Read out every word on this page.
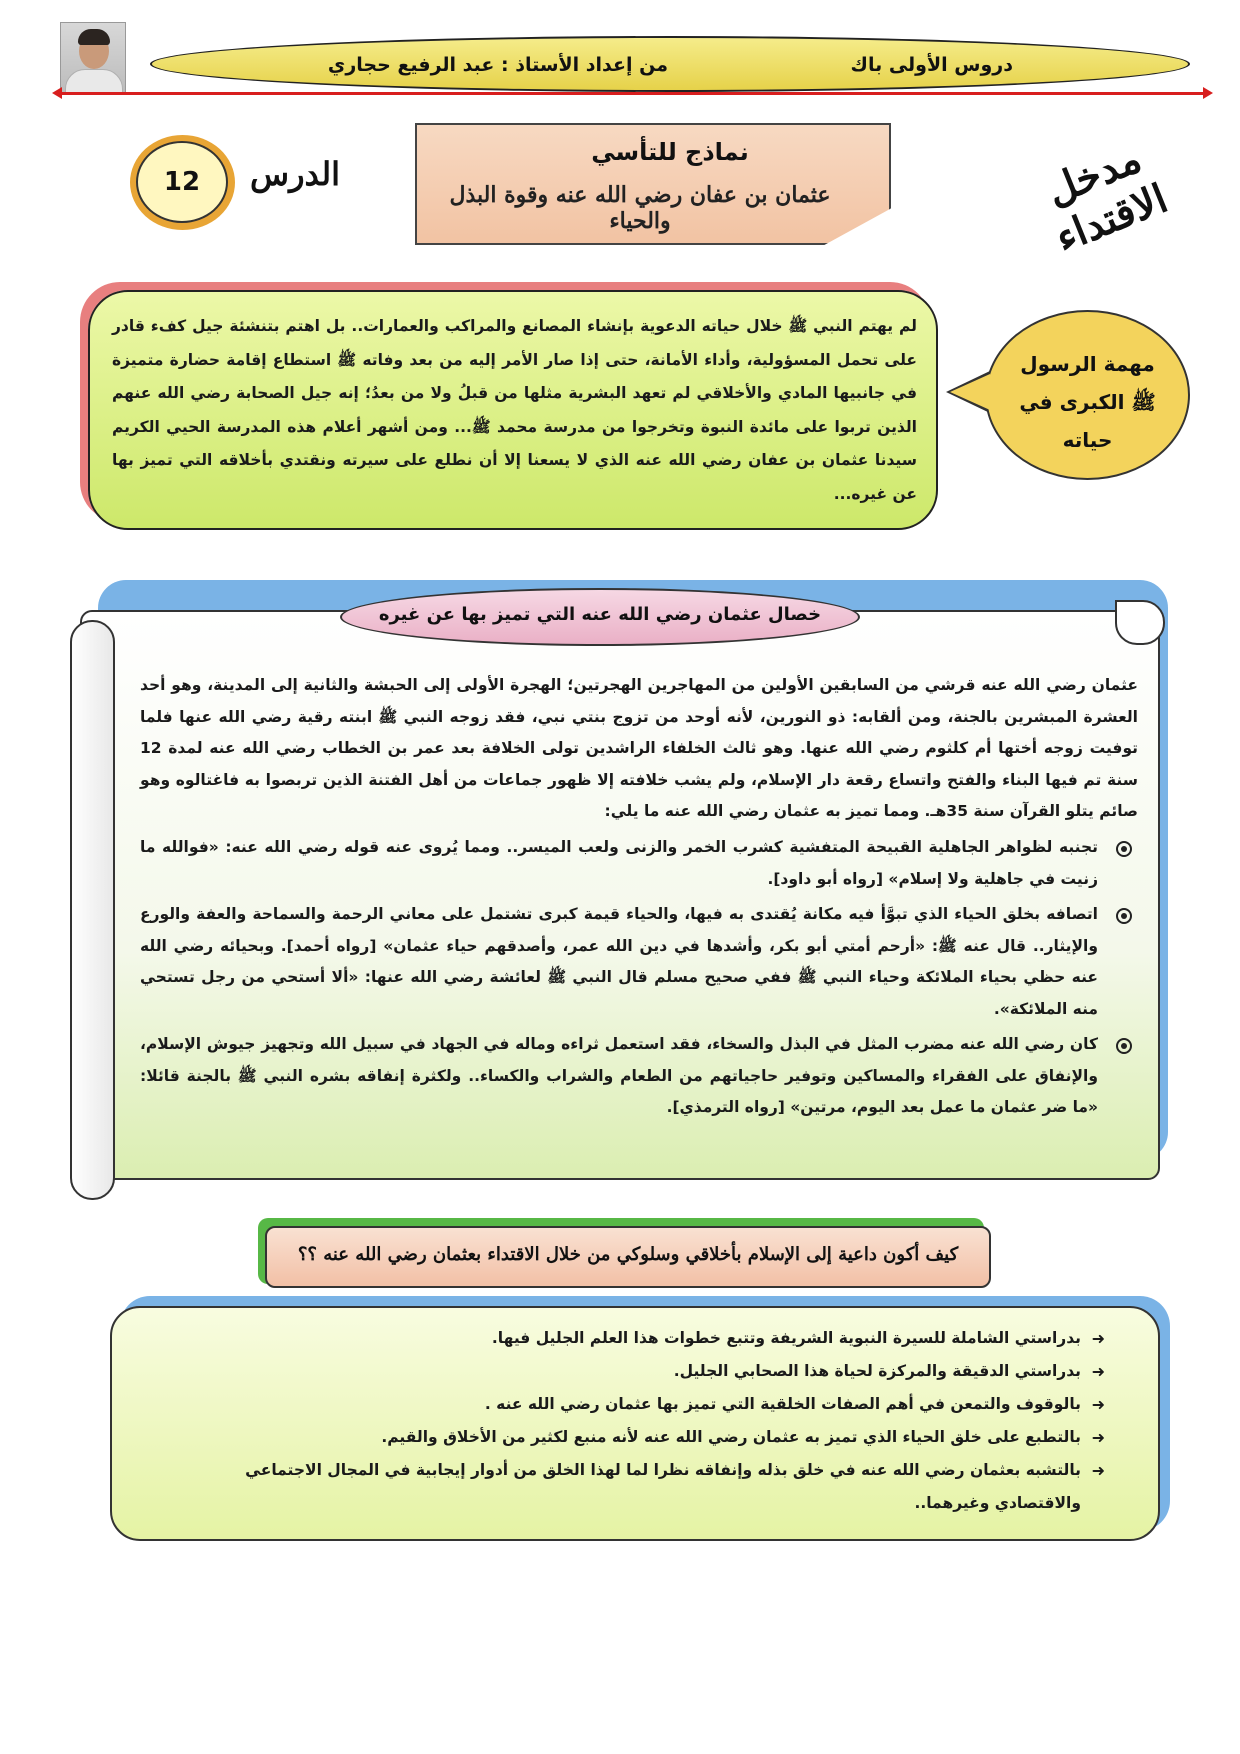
دروس الأولى باك
من إعداد الأستاذ : عبد الرفيع حجاري
12	الدرس
نماذج للتأسي
عثمان بن عفان رضي الله عنه وقوة البذل والحياء
مدخل الاقتداء
لم يهتم النبي ﷺ خلال حياته الدعوية بإنشاء المصانع والمراكب والعمارات.. بل اهتم بتنشئة جيل كفء قادر على تحمل المسؤولية، وأداء الأمانة، حتى إذا صار الأمر إليه من بعد وفاته ﷺ استطاع إقامة حضارة متميزة في جانبيها المادي والأخلاقي لم تعهد البشرية مثلها من قبلُ ولا من بعدُ؛ إنه جيل الصحابة رضي الله عنهم الذين تربوا على مائدة النبوة وتخرجوا من مدرسة محمد ﷺ... ومن أشهر أعلام هذه المدرسة الحيي الكريم سيدنا عثمان بن عفان رضي الله عنه الذي لا يسعنا إلا أن نطلع على سيرته ونقتدي بأخلاقه التي تميز بها عن غيره...
مهمة الرسول ﷺ الكبرى في حياته
خصال عثمان رضي الله عنه التي تميز بها عن غيره
عثمان رضي الله عنه قرشي من السابقين الأولين من المهاجرين الهجرتين؛ الهجرة الأولى إلى الحبشة والثانية إلى المدينة، وهو أحد العشرة المبشرين بالجنة، ومن ألقابه: ذو النورين، لأنه أوحد من تزوج بنتي نبي، فقد زوجه النبي ﷺ ابنته رقية رضي الله عنها فلما توفيت زوجه أختها أم كلثوم رضي الله عنها. وهو ثالث الخلفاء الراشدين تولى الخلافة بعد عمر بن الخطاب رضي الله عنه لمدة 12 سنة تم فيها البناء والفتح واتساع رقعة دار الإسلام، ولم يشب خلافته إلا ظهور جماعات من أهل الفتنة الذين تربصوا به فاغتالوه وهو صائم يتلو القرآن سنة 35هـ. ومما تميز به عثمان رضي الله عنه ما يلي:
تجنبه لظواهر الجاهلية القبيحة المتفشية كشرب الخمر والزنى ولعب الميسر.. ومما يُروى عنه قوله رضي الله عنه: «فوالله ما زنيت في جاهلية ولا إسلام» [رواه أبو داود].
اتصافه بخلق الحياء الذي تبوَّأ فيه مكانة يُقتدى به فيها، والحياء قيمة كبرى تشتمل على معاني الرحمة والسماحة والعفة والورع والإيثار.. قال عنه ﷺ: «أرحم أمتي أبو بكر، وأشدها في دين الله عمر، وأصدقهم حياء عثمان» [رواه أحمد]. وبحيائه رضي الله عنه حظي بحياء الملائكة وحياء النبي ﷺ ففي صحيح مسلم قال النبي ﷺ لعائشة رضي الله عنها: «ألا أستحي من رجل تستحي منه الملائكة».
كان رضي الله عنه مضرب المثل في البذل والسخاء، فقد استعمل ثراءه وماله في الجهاد في سبيل الله وتجهيز جيوش الإسلام، والإنفاق على الفقراء والمساكين وتوفير حاجياتهم من الطعام والشراب والكساء.. ولكثرة إنفاقه بشره النبي ﷺ بالجنة قائلا: «ما ضر عثمان ما عمل بعد اليوم، مرتين» [رواه الترمذي].
كيف أكون داعية إلى الإسلام بأخلاقي وسلوكي من خلال الاقتداء بعثمان رضي الله عنه ؟؟
➜
بدراستي الشاملة للسيرة النبوية الشريفة وتتبع خطوات هذا العلم الجليل فيها.
➜
بدراستي الدقيقة والمركزة لحياة هذا الصحابي الجليل.
➜
بالوقوف والتمعن في أهم الصفات الخلقية التي تميز بها عثمان رضي الله عنه .
➜
بالتطبع على خلق الحياء الذي تميز به عثمان رضي الله عنه لأنه منبع لكثير من الأخلاق والقيم.
➜
بالتشبه بعثمان رضي الله عنه في خلق بذله وإنفاقه نظرا لما لهذا الخلق من أدوار إيجابية في المجال الاجتماعي والاقتصادي وغيرهما..
